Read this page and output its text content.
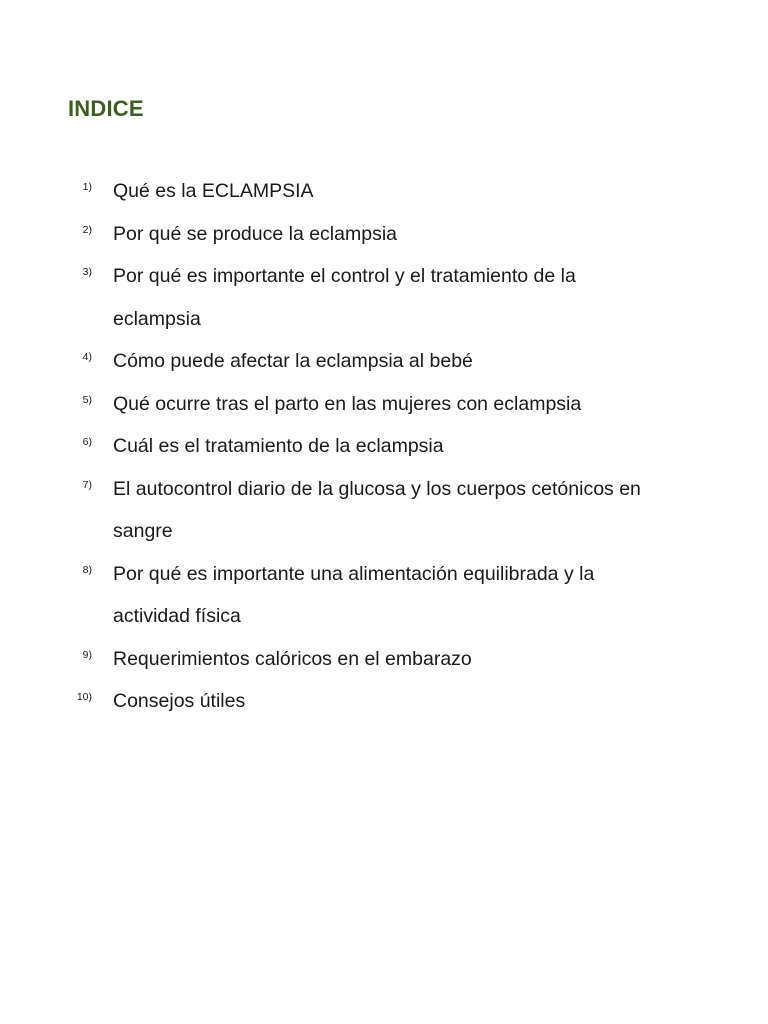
INDICE
1) Qué es la ECLAMPSIA
2) Por qué se produce la eclampsia
3) Por qué es importante el control y el tratamiento de la
eclampsia
4) Cómo puede afectar la eclampsia al bebé
5) Qué ocurre tras el parto en las mujeres con eclampsia
6) Cuál es el tratamiento de la eclampsia
7) El autocontrol diario de la glucosa y los cuerpos cetónicos en
sangre
8) Por qué es importante una alimentación equilibrada y la
actividad física
9) Requerimientos calóricos en el embarazo
10) Consejos útiles
